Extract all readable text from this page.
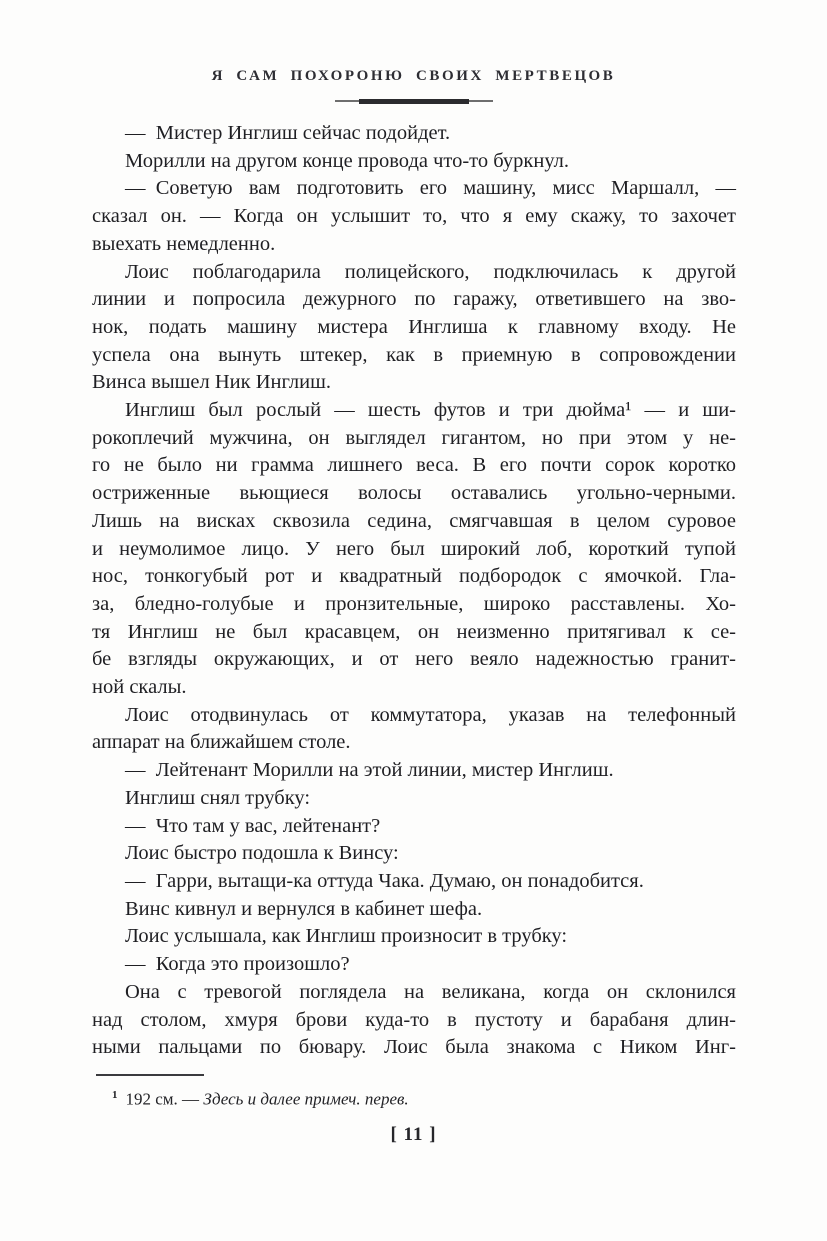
Я САМ ПОХОРОНЮ СВОИХ МЕРТВЕЦОВ
— Мистер Инглиш сейчас подойдет.
Морилли на другом конце провода что-то буркнул.
— Советую вам подготовить его машину, мисс Маршалл, —
сказал он. — Когда он услышит то, что я ему скажу, то захочет
выехать немедленно.
Лоис поблагодарила полицейского, подключилась к другой
линии и попросила дежурного по гаражу, ответившего на зво-
нок, подать машину мистера Инглиша к главному входу. Не
успела она вынуть штекер, как в приемную в сопровождении
Винса вышел Ник Инглиш.
Инглиш был рослый — шесть футов и три дюйма¹ — и ши-
рокоплечий мужчина, он выглядел гигантом, но при этом у не-
го не было ни грамма лишнего веса. В его почти сорок коротко
остриженные вьющиеся волосы оставались угольно-черными.
Лишь на висках сквозила седина, смягчавшая в целом суровое
и неумолимое лицо. У него был широкий лоб, короткий тупой
нос, тонкогубый рот и квадратный подбородок с ямочкой. Гла-
за, бледно-голубые и пронзительные, широко расставлены. Хо-
тя Инглиш не был красавцем, он неизменно притягивал к се-
бе взгляды окружающих, и от него веяло надежностью гранит-
ной скалы.
Лоис отодвинулась от коммутатора, указав на телефонный
аппарат на ближайшем столе.
— Лейтенант Морилли на этой линии, мистер Инглиш.
Инглиш снял трубку:
— Что там у вас, лейтенант?
Лоис быстро подошла к Винсу:
— Гарри, вытащи-ка оттуда Чака. Думаю, он понадобится.
Винс кивнул и вернулся в кабинет шефа.
Лоис услышала, как Инглиш произносит в трубку:
— Когда это произошло?
Она с тревогой поглядела на великана, когда он склонился
над столом, хмуря брови куда-то в пустоту и барабаня длин-
ными пальцами по бювару. Лоис была знакома с Ником Инг-
$^1$ 192 см. — Здесь и далее примеч. перев.
[ 11 ]
